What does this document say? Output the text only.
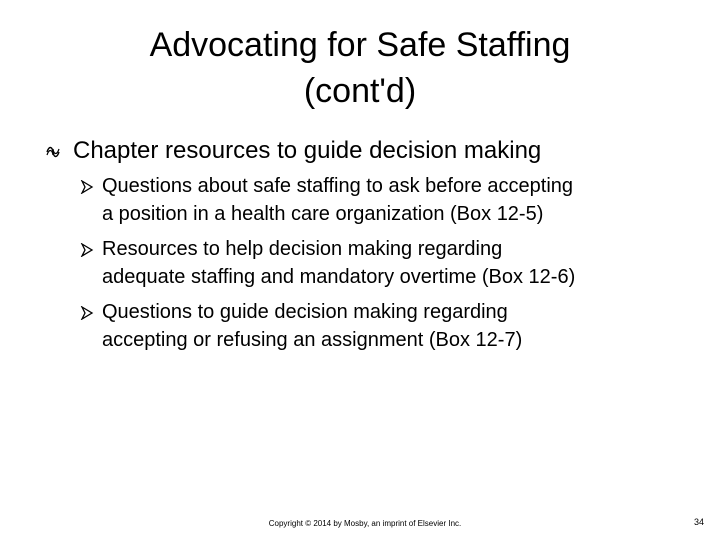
Advocating for Safe Staffing
(cont'd)
Chapter resources to guide decision making
Questions about safe staffing to ask before accepting
a position in a health care organization (Box 12-5)
Resources to help decision making regarding
adequate staffing and mandatory overtime (Box 12-6)
Questions to guide decision making regarding
accepting or refusing an assignment (Box 12-7)
Copyright © 2014 by Mosby, an imprint of Elsevier Inc.	34
